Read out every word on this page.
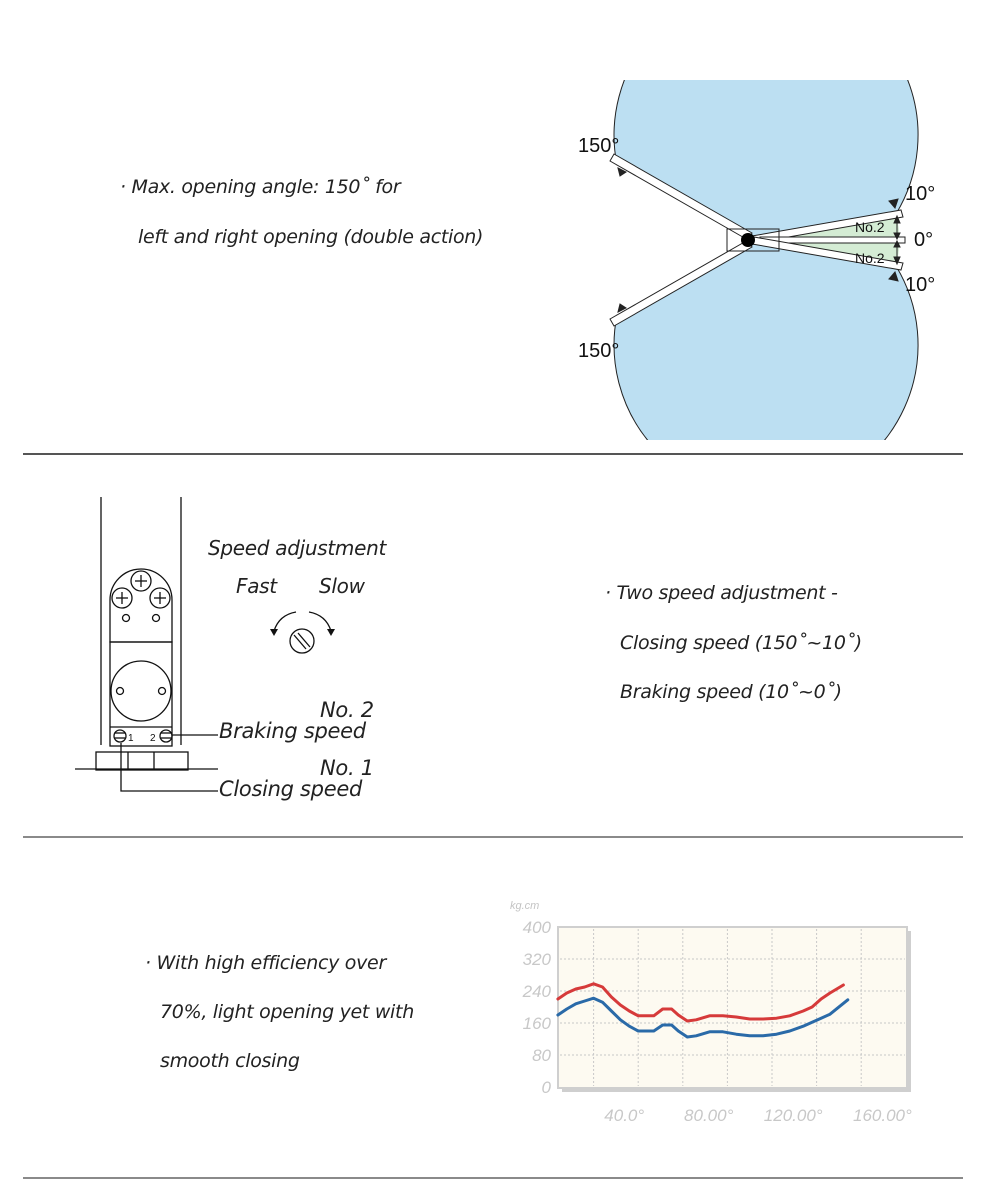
· Max. opening angle: 150˚ for
left and right opening (double action)
150°
150°
10°
0°
10°
No.2
No.2
1 2
Speed adjustment
Fast Slow
No. 2
Braking speed
No. 1
Closing speed
· Two speed adjustment -
Closing speed (150˚~10˚)
Braking speed (10˚~0˚)
· With high efficiency over
70%, light opening yet with
smooth closing
kg.cm
400
320
240
160
80
0
40.0° 80.00° 120.00° 160.00°
